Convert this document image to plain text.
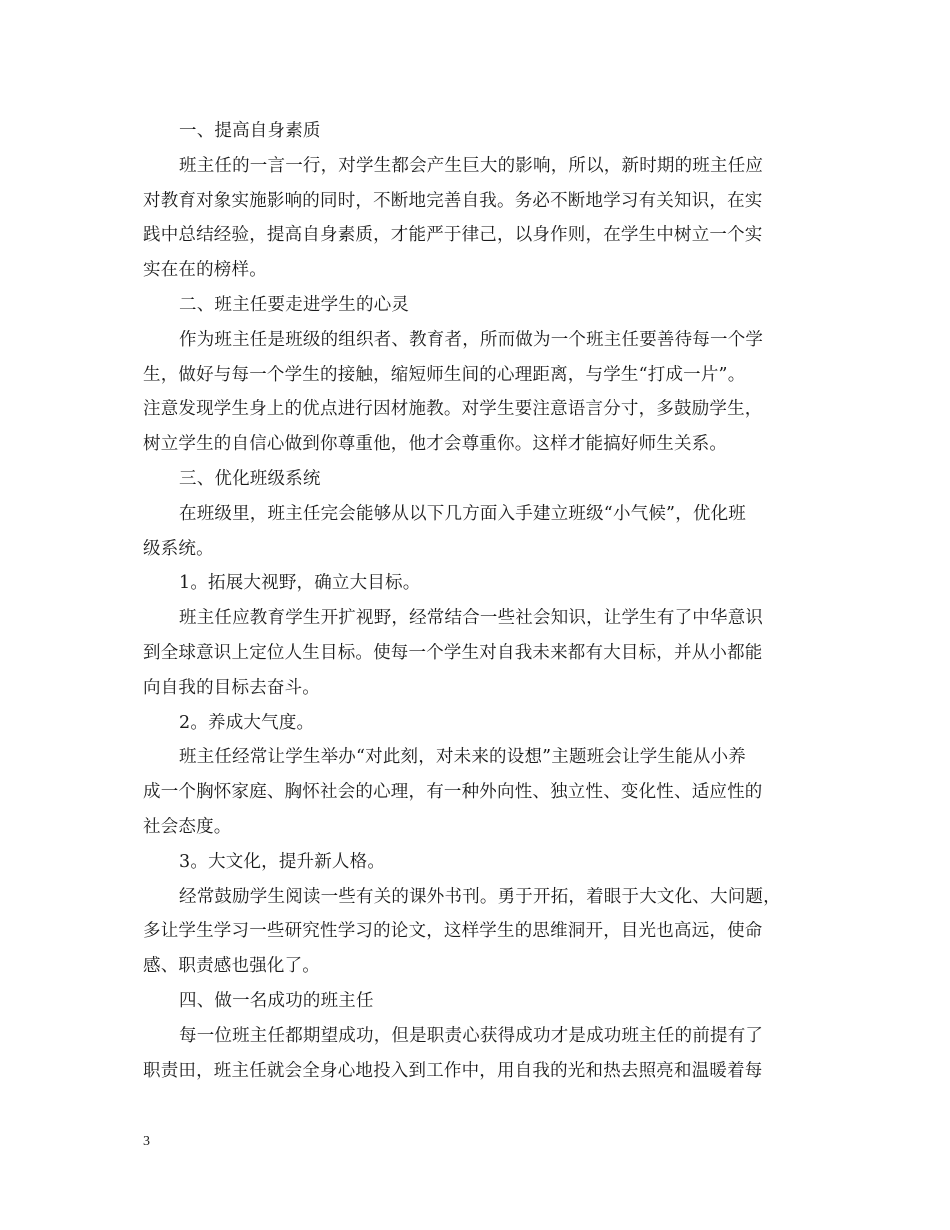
一、提高自身素质
班主任的一言一行，对学生都会产生巨大的影响，所以，新时期的班主任应
对教育对象实施影响的同时，不断地完善自我。务必不断地学习有关知识，在实
践中总结经验，提高自身素质，才能严于律己，以身作则，在学生中树立一个实
实在在的榜样。
二、班主任要走进学生的心灵
作为班主任是班级的组织者、教育者，所而做为一个班主任要善待每一个学
生，做好与每一个学生的接触，缩短师生间的心理距离，与学生“打成一片”。
注意发现学生身上的优点进行因材施教。对学生要注意语言分寸，多鼓励学生，
树立学生的自信心做到你尊重他，他才会尊重你。这样才能搞好师生关系。
三、优化班级系统
在班级里，班主任完会能够从以下几方面入手建立班级“小气候”，优化班
级系统。
1。拓展大视野，确立大目标。
班主任应教育学生开扩视野，经常结合一些社会知识，让学生有了中华意识
到全球意识上定位人生目标。使每一个学生对自我未来都有大目标，并从小都能
向自我的目标去奋斗。
2。养成大气度。
班主任经常让学生举办“对此刻，对未来的设想”主题班会让学生能从小养
成一个胸怀家庭、胸怀社会的心理，有一种外向性、独立性、变化性、适应性的
社会态度。
3。大文化，提升新人格。
经常鼓励学生阅读一些有关的课外书刊。勇于开拓，着眼于大文化、大问题，
多让学生学习一些研究性学习的论文，这样学生的思维洞开，目光也高远，使命
感、职责感也强化了。
四、做一名成功的班主任
每一位班主任都期望成功，但是职责心获得成功才是成功班主任的前提有了
职责田，班主任就会全身心地投入到工作中，用自我的光和热去照亮和温暖着每
3
